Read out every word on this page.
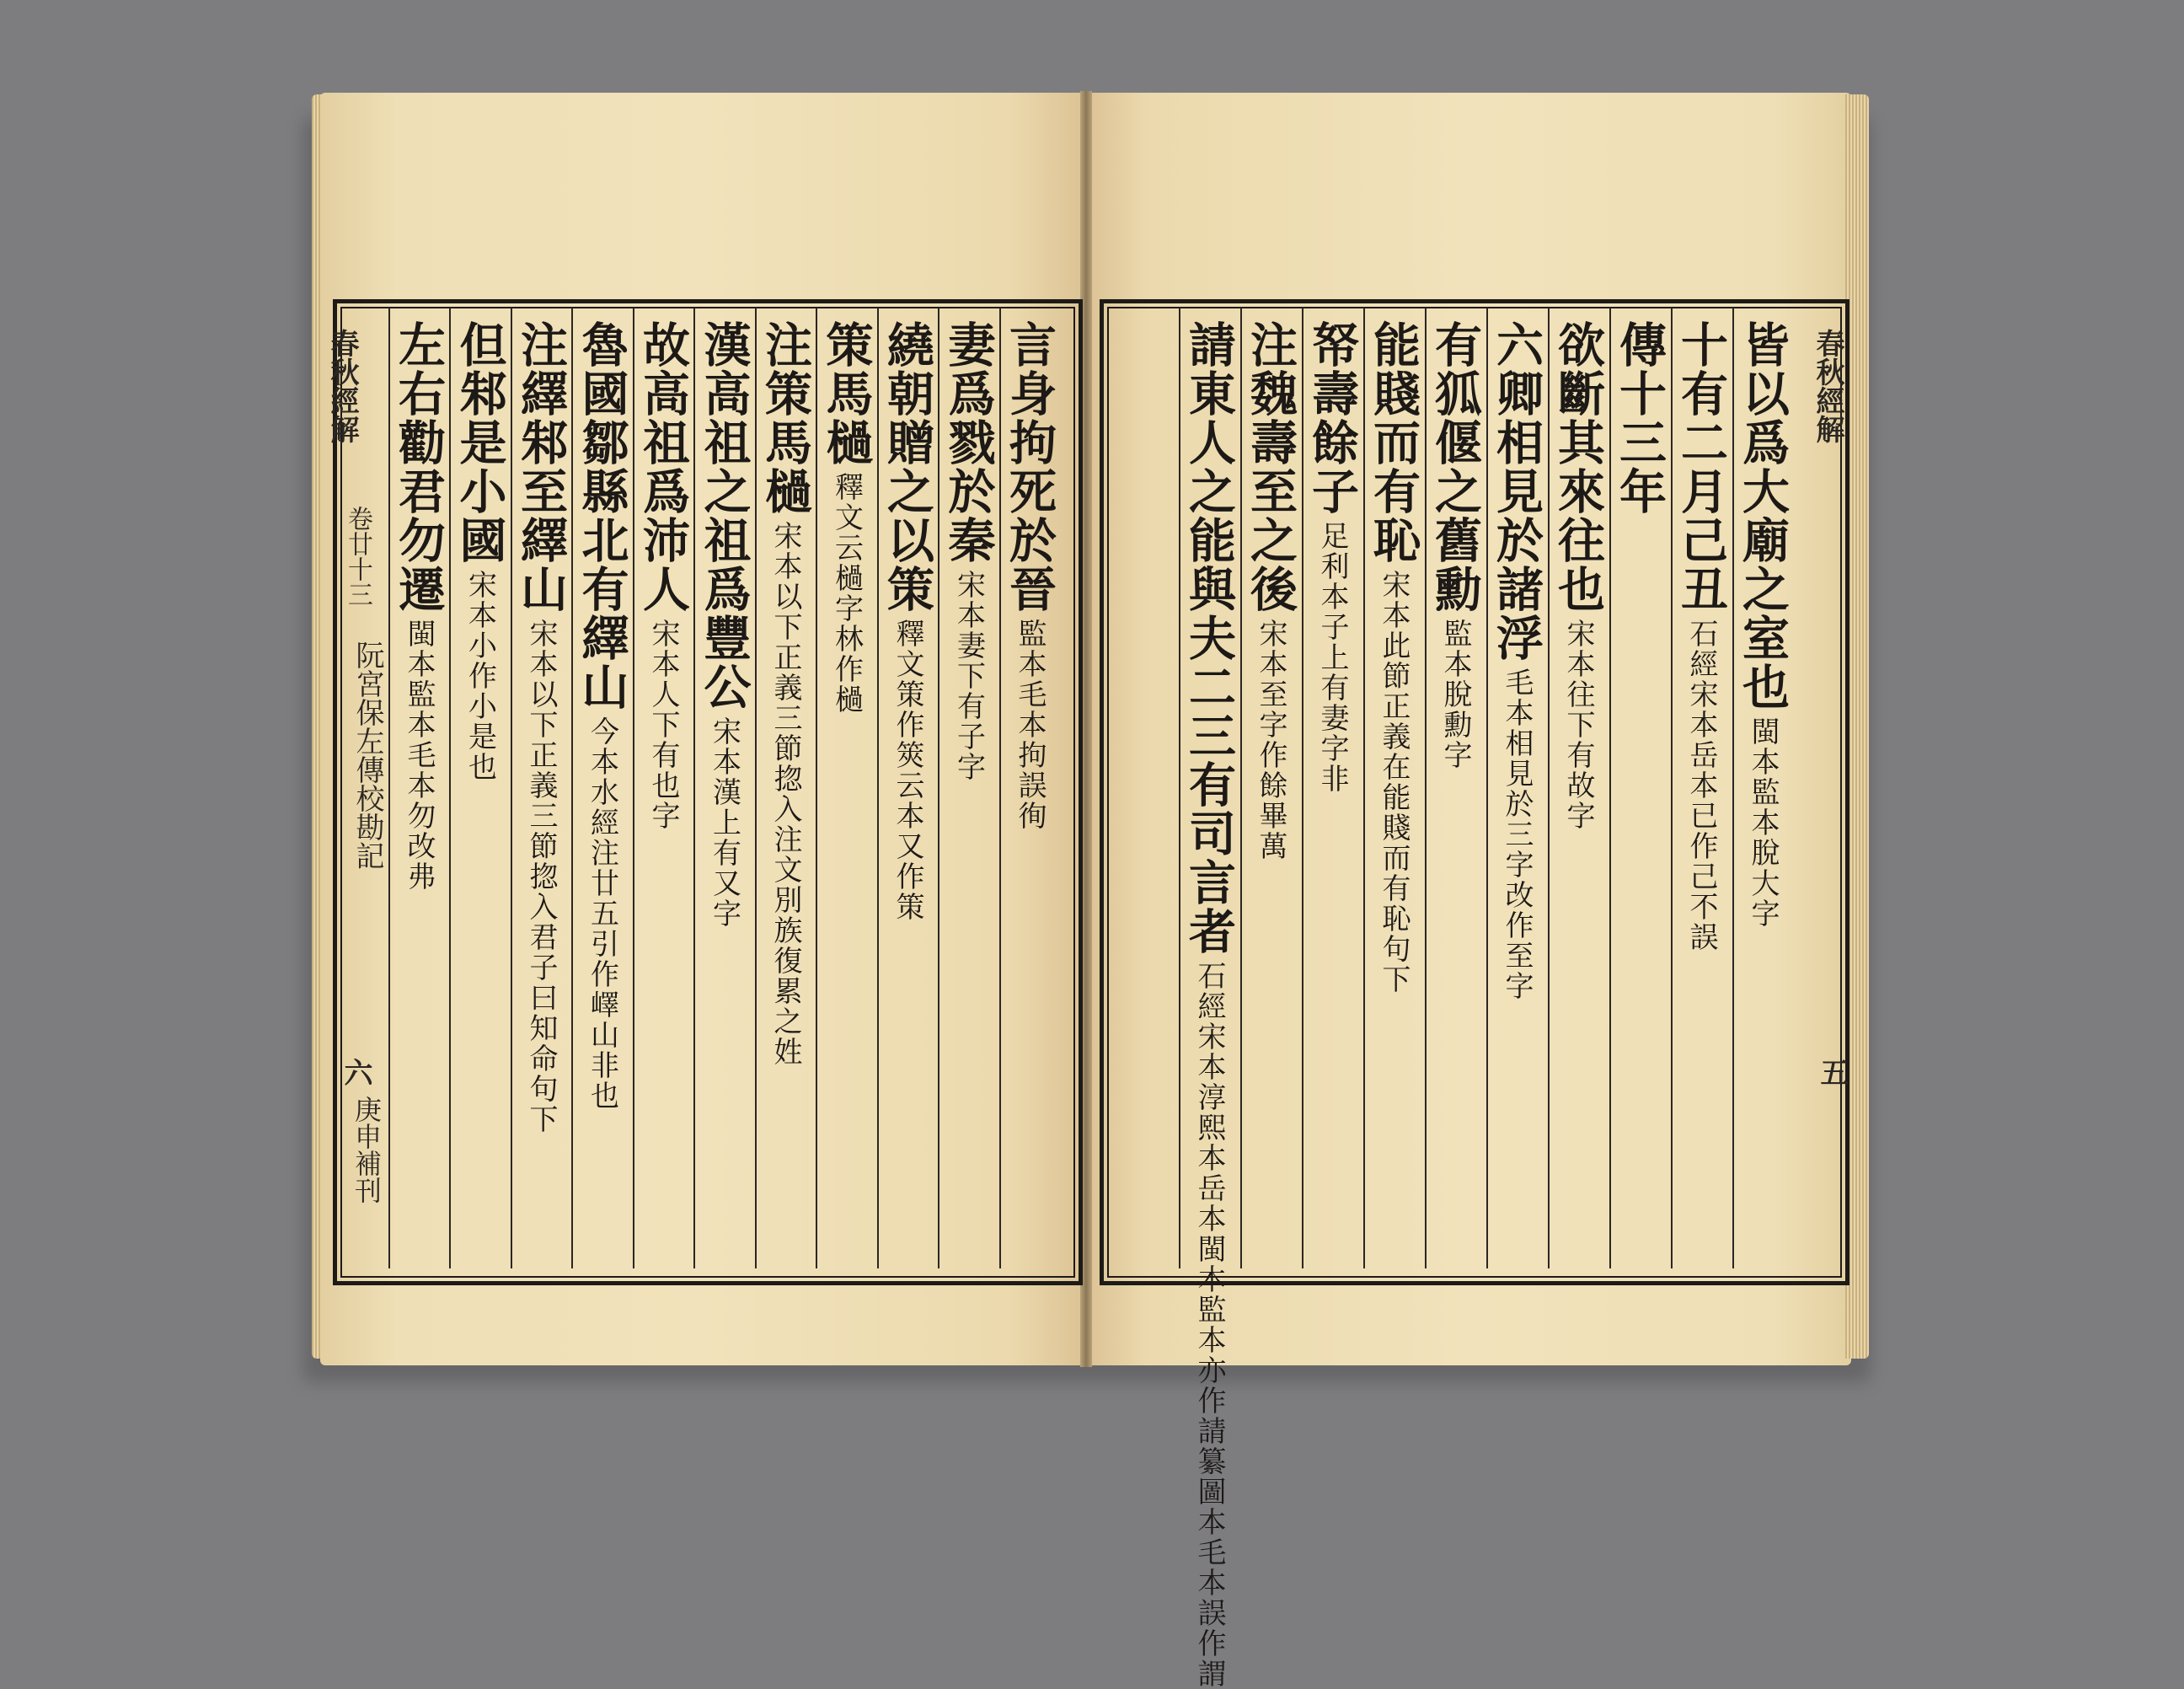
春秋經解
卷廿十三
阮宮保左傳校勘記
六
庚申補刊
春秋經解
五
言身拘死於晉監本毛本拘誤徇
妻爲戮於秦宋本妻下有子字
繞朝贈之以策釋文策作筴云本又作策
策馬檛釋文云檛字林作檛
注策馬檛宋本以下正義三節㧾入注文別族復累之姓
漢高祖之祖爲豐公宋本漢上有又字
故高祖爲沛人宋本人下有也字
魯國鄒縣北有繹山今本水經注廿五引作嶧山非也
注繹邾至繹山宋本以下正義三節㧾入君子曰知命句下
但邾是小國宋本小作小是也
左右勸君勿遷閩本監本毛本勿改弗
皆以爲大廟之室也閩本監本脫大字
十有二月己丑石經宋本岳本已作己不誤
傳十三年
欲斷其來往也宋本往下有故字
六卿相見於諸浮毛本相見於三字改作至字
有狐偃之舊勳監本脫勳字
能賤而有恥宋本此節正義在能賤而有恥句下
帑壽餘子足利本子上有妻字非
注魏壽至之後宋本至字作餘畢萬
請東人之能與夫二三有司言者石經宋本淳熙本岳本閩本監本亦作請纂圖本毛本誤作謂
